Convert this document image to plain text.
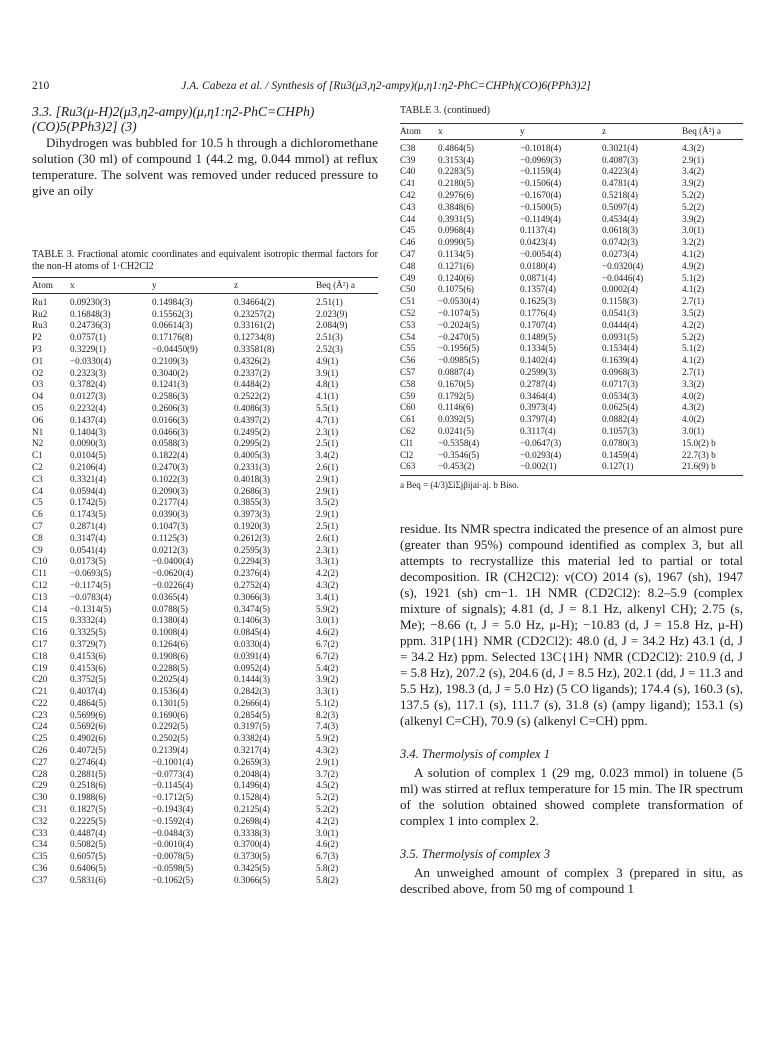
210	J.A. Cabeza et al. / Synthesis of [Ru3(μ3,η2-ampy)(μ,η1:η2-PhC=CHPh)(CO)6(PPh3)2]
3.3. [Ru3(μ-H)2(μ3,η2-ampy)(μ,η1:η2-PhC=CHPh) (CO)5(PPh3)2] (3)
Dihydrogen was bubbled for 10.5 h through a dichloromethane solution (30 ml) of compound 1 (44.2 mg, 0.044 mmol) at reflux temperature. The solvent was removed under reduced pressure to give an oily
TABLE 3. Fractional atomic coordinates and equivalent isotropic thermal factors for the non-H atoms of 1·CH2Cl2
Atom	x	y	z	Beq (Å²) a
Ru1	0.09230(3)	0.14984(3)	0.34664(2)	2.51(1)
Ru2	0.16848(3)	0.15562(3)	0.23257(2)	2.023(9)
Ru3	0.24736(3)	0.06614(3)	0.33161(2)	2.084(9)
P2	0.0757(1)	0.17176(8)	0.12734(8)	2.51(3)
P3	0.3229(1)	−0.04450(9)	0.33581(8)	2.52(3)
O1	−0.0330(4)	0.2109(3)	0.4326(2)	4.9(1)
O2	0.2323(3)	0.3040(2)	0.2337(2)	3.9(1)
O3	0.3782(4)	0.1241(3)	0.4484(2)	4.8(1)
O4	0.0127(3)	0.2586(3)	0.2522(2)	4.1(1)
O5	0.2232(4)	0.2606(3)	0.4086(3)	5.5(1)
O6	0.1437(4)	0.0166(3)	0.4397(2)	4.7(1)
N1	0.1404(3)	0.0466(3)	0.2495(2)	2.3(1)
N2	0.0090(3)	0.0588(3)	0.2995(2)	2.5(1)
C1	0.0104(5)	0.1822(4)	0.4005(3)	3.4(2)
C2	0.2106(4)	0.2470(3)	0.2331(3)	2.6(1)
C3	0.3321(4)	0.1022(3)	0.4018(3)	2.9(1)
C4	0.0594(4)	0.2090(3)	0.2686(3)	2.9(1)
C5	0.1742(5)	0.2177(4)	0.3855(3)	3.5(2)
C6	0.1743(5)	0.0390(3)	0.3973(3)	2.9(1)
C7	0.2871(4)	0.1047(3)	0.1920(3)	2.5(1)
C8	0.3147(4)	0.1125(3)	0.2612(3)	2.6(1)
C9	0.0541(4)	0.0212(3)	0.2595(3)	2.3(1)
C10	0.0173(5)	−0.0400(4)	0.2294(3)	3.3(1)
C11	−0.0693(5)	−0.0620(4)	0.2376(4)	4.2(2)
C12	−0.1174(5)	−0.0226(4)	0.2752(4)	4.3(2)
C13	−0.0783(4)	0.0365(4)	0.3066(3)	3.4(1)
C14	−0.1314(5)	0.0788(5)	0.3474(5)	5.9(2)
C15	0.3332(4)	0.1380(4)	0.1406(3)	3.0(1)
C16	0.3325(5)	0.1008(4)	0.0845(4)	4.6(2)
C17	0.3729(7)	0.1264(6)	0.0330(4)	6.7(2)
C18	0.4153(6)	0.1908(6)	0.0391(4)	6.7(2)
C19	0.4153(6)	0.2288(5)	0.0952(4)	5.4(2)
C20	0.3752(5)	0.2025(4)	0.1444(3)	3.9(2)
C21	0.4037(4)	0.1536(4)	0.2842(3)	3.3(1)
C22	0.4864(5)	0.1301(5)	0.2666(4)	5.1(2)
C23	0.5699(6)	0.1690(6)	0.2854(5)	8.2(3)
C24	0.5692(6)	0.2292(5)	0.3197(5)	7.4(3)
C25	0.4902(6)	0.2502(5)	0.3382(4)	5.9(2)
C26	0.4072(5)	0.2139(4)	0.3217(4)	4.3(2)
C27	0.2746(4)	−0.1001(4)	0.2659(3)	2.9(1)
C28	0.2881(5)	−0.0773(4)	0.2048(4)	3.7(2)
C29	0.2518(6)	−0.1145(4)	0.1496(4)	4.5(2)
C30	0.1988(6)	−0.1712(5)	0.1528(4)	5.2(2)
C31	0.1827(5)	−0.1943(4)	0.2125(4)	5.2(2)
C32	0.2225(5)	−0.1592(4)	0.2698(4)	4.2(2)
C33	0.4487(4)	−0.0484(3)	0.3338(3)	3.0(1)
C34	0.5082(5)	−0.0010(4)	0.3700(4)	4.6(2)
C35	0.6057(5)	−0.0078(5)	0.3730(5)	6.7(3)
C36	0.6406(5)	−0.0598(5)	0.3425(5)	5.8(2)
C37	0.5831(6)	−0.1062(5)	0.3066(5)	5.8(2)
TABLE 3. (continued)
Atom	x	y	z	Beq (Å²) a
C38	0.4864(5)	−0.1018(4)	0.3021(4)	4.3(2)
C39	0.3153(4)	−0.0969(3)	0.4087(3)	2.9(1)
C40	0.2283(5)	−0.1159(4)	0.4223(4)	3.4(2)
C41	0.2180(5)	−0.1506(4)	0.4781(4)	3.9(2)
C42	0.2976(6)	−0.1670(4)	0.5218(4)	5.2(2)
C43	0.3848(6)	−0.1500(5)	0.5097(4)	5.2(2)
C44	0.3931(5)	−0.1149(4)	0.4534(4)	3.9(2)
C45	0.0968(4)	0.1137(4)	0.0618(3)	3.0(1)
C46	0.0990(5)	0.0423(4)	0.0742(3)	3.2(2)
C47	0.1134(5)	−0.0054(4)	0.0273(4)	4.1(2)
C48	0.1271(6)	0.0180(4)	−0.0320(4)	4.9(2)
C49	0.1240(6)	0.0871(4)	−0.0446(4)	5.1(2)
C50	0.1075(6)	0.1357(4)	0.0002(4)	4.1(2)
C51	−0.0530(4)	0.1625(3)	0.1158(3)	2.7(1)
C52	−0.1074(5)	0.1776(4)	0.0541(3)	3.5(2)
C53	−0.2024(5)	0.1707(4)	0.0444(4)	4.2(2)
C54	−0.2470(5)	0.1489(5)	0.0931(5)	5.2(2)
C55	−0.1956(5)	0.1334(5)	0.1534(4)	5.1(2)
C56	−0.0985(5)	0.1402(4)	0.1639(4)	4.1(2)
C57	0.0887(4)	0.2599(3)	0.0968(3)	2.7(1)
C58	0.1670(5)	0.2787(4)	0.0717(3)	3.3(2)
C59	0.1792(5)	0.3464(4)	0.0534(3)	4.0(2)
C60	0.1146(6)	0.3973(4)	0.0625(4)	4.3(2)
C61	0.0392(5)	0.3797(4)	0.0882(4)	4.0(2)
C62	0.0241(5)	0.3117(4)	0.1057(3)	3.0(1)
Cl1	−0.5358(4)	−0.0647(3)	0.0780(3)	15.0(2) b
Cl2	−0.3546(5)	−0.0293(4)	0.1459(4)	22.7(3) b
C63	−0.453(2)	−0.002(1)	0.127(1)	21.6(9) b
a Beq = (4/3)ΣiΣjβijai·aj. b Biso.
residue. Its NMR spectra indicated the presence of an almost pure (greater than 95%) compound identified as complex 3, but all attempts to recrystallize this material led to partial or total decomposition. IR (CH2Cl2): ν(CO) 2014 (s), 1967 (sh), 1947 (s), 1921 (sh) cm−1. 1H NMR (CD2Cl2): 8.2–5.9 (complex mixture of signals); 4.81 (d, J = 8.1 Hz, alkenyl CH); 2.75 (s, Me); −8.66 (t, J = 5.0 Hz, μ-H); −10.83 (d, J = 15.8 Hz, μ-H) ppm. 31P{1H} NMR (CD2Cl2): 48.0 (d, J = 34.2 Hz) 43.1 (d, J = 34.2 Hz) ppm. Selected 13C{1H} NMR (CD2Cl2): 210.9 (d, J = 5.8 Hz), 207.2 (s), 204.6 (d, J = 8.5 Hz), 202.1 (dd, J = 11.3 and 5.5 Hz), 198.3 (d, J = 5.0 Hz) (5 CO ligands); 174.4 (s), 160.3 (s), 137.5 (s), 117.1 (s), 111.7 (s), 31.8 (s) (ampy ligand); 153.1 (s) (alkenyl C=CH), 70.9 (s) (alkenyl C=CH) ppm.
3.4. Thermolysis of complex 1
A solution of complex 1 (29 mg, 0.023 mmol) in toluene (5 ml) was stirred at reflux temperature for 15 min. The IR spectrum of the solution obtained showed complete transformation of complex 1 into complex 2.
3.5. Thermolysis of complex 3
An unweighed amount of complex 3 (prepared in situ, as described above, from 50 mg of compound 1
